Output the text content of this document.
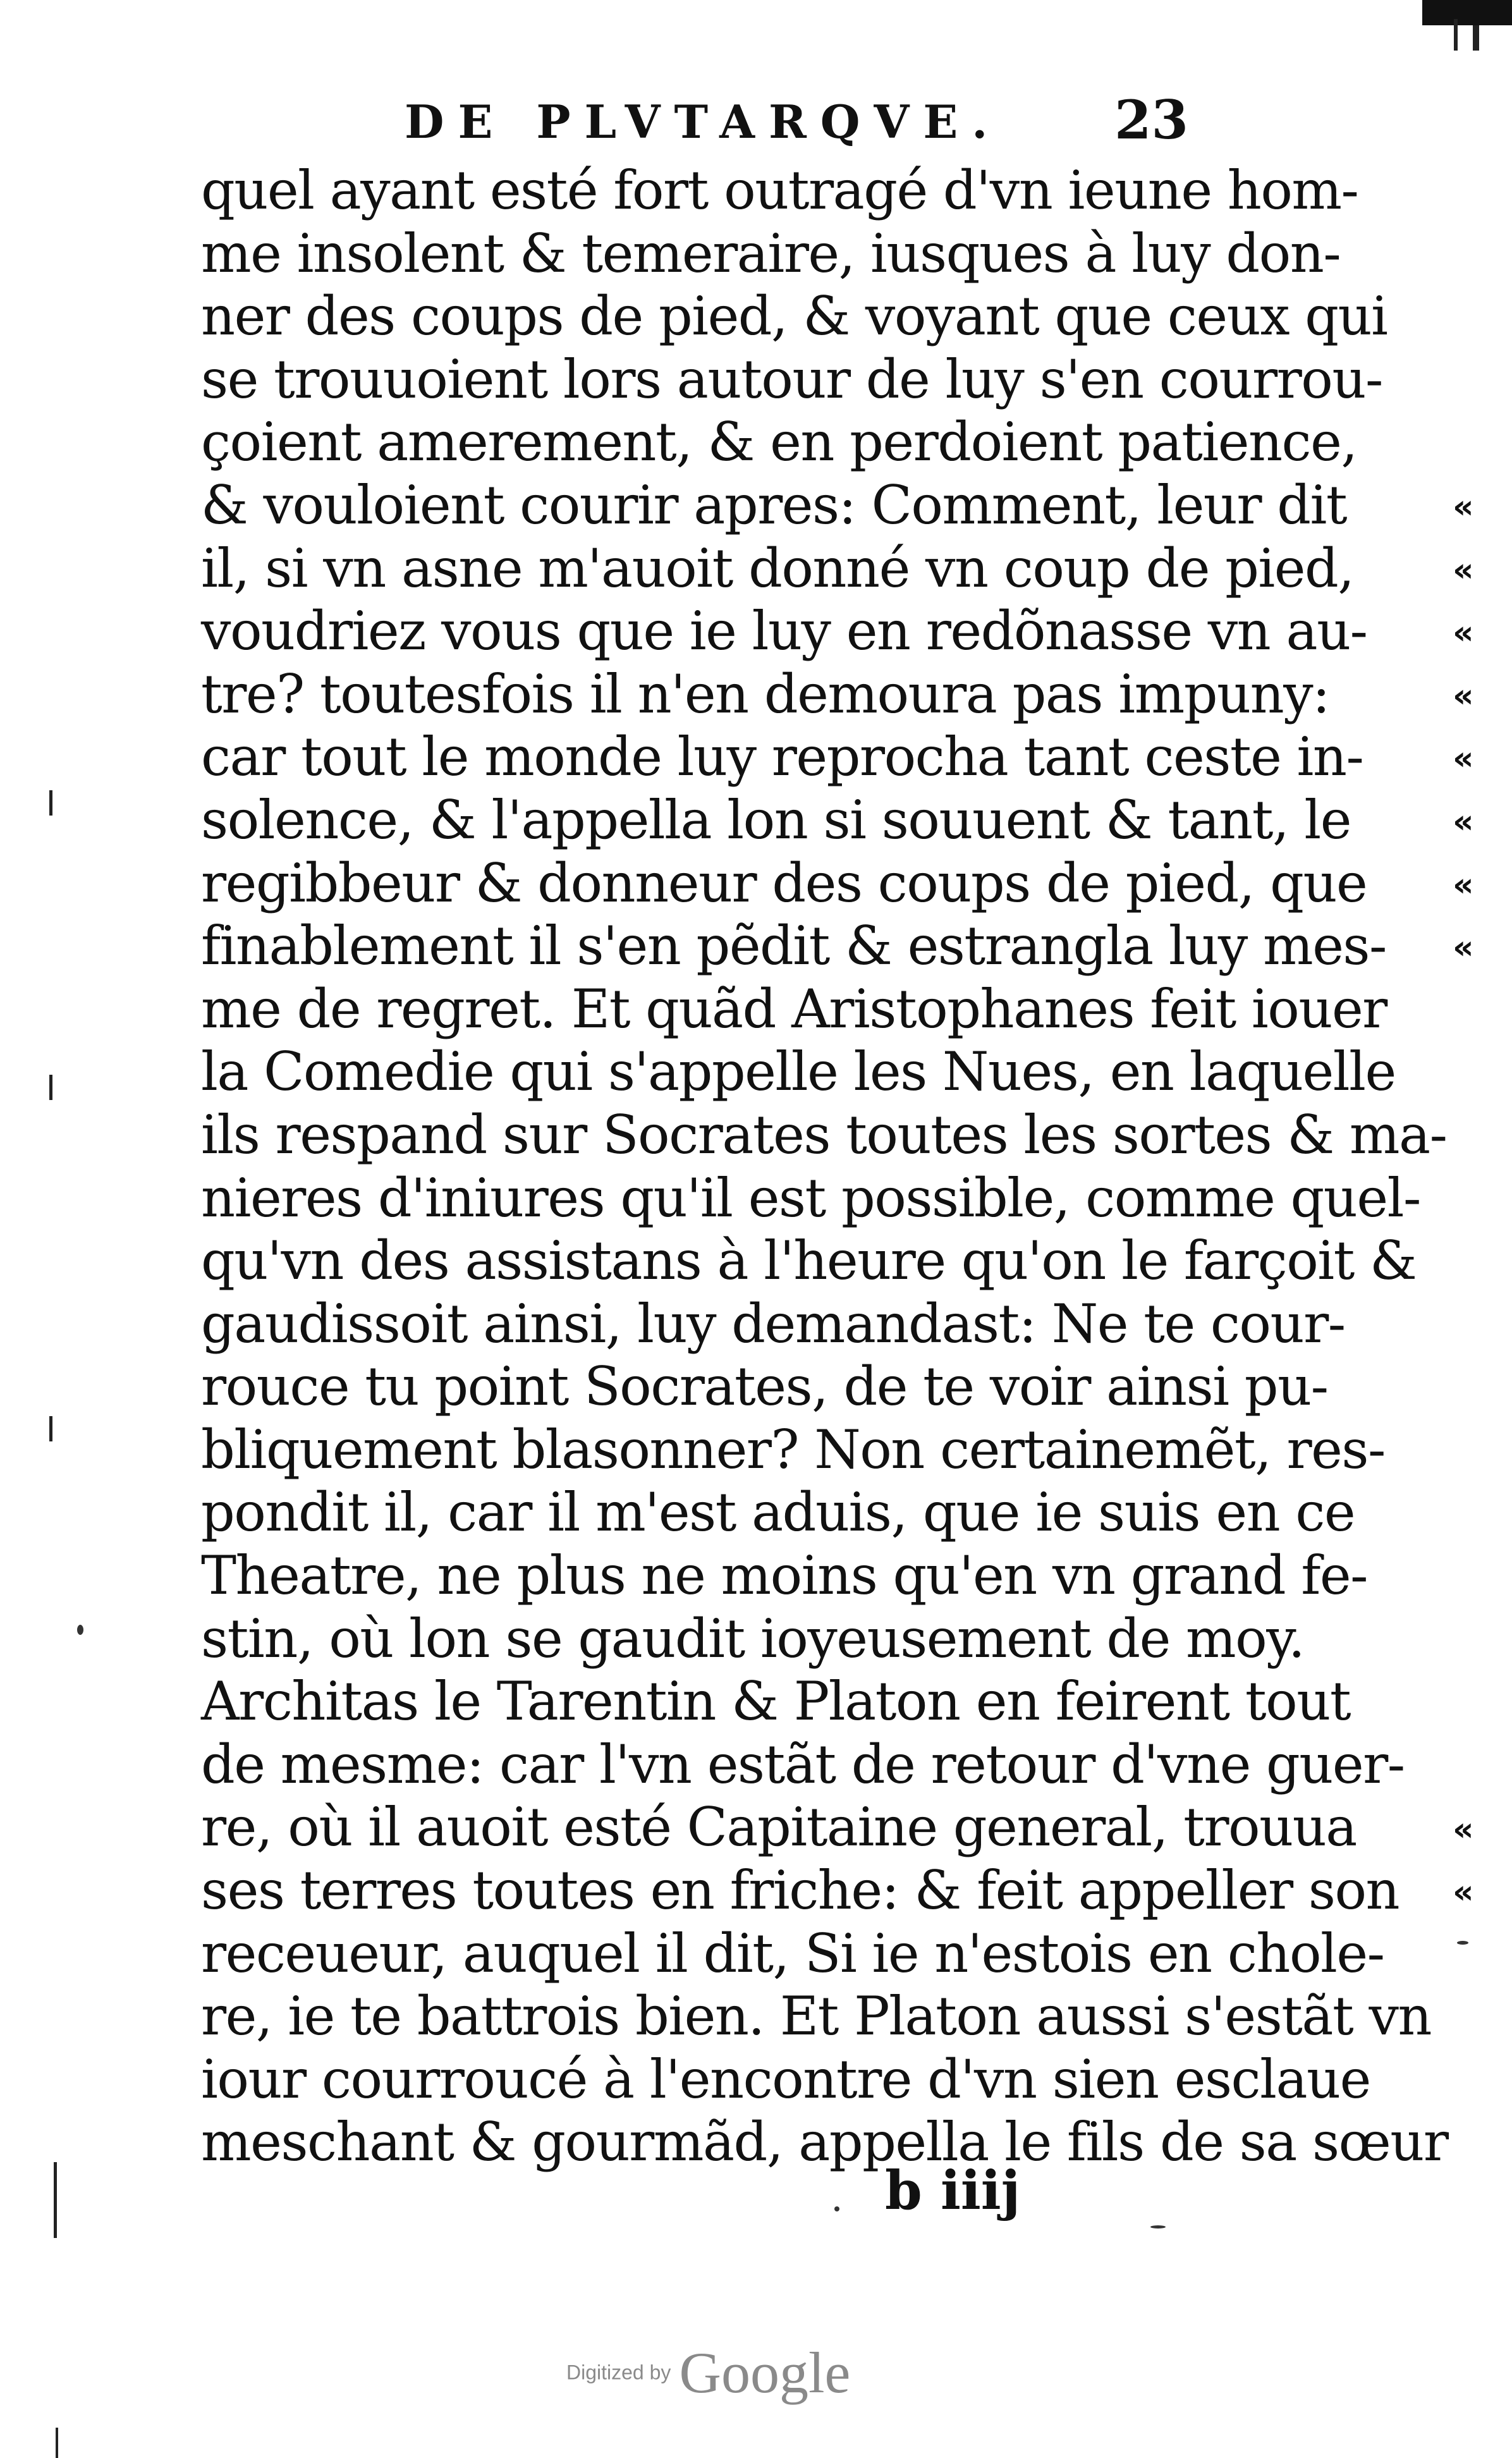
DE PLVTARQVE. 23
quel ayant esté fort outragé d'vn ieune hom-
me insolent & temeraire, iusques à luy don-
ner des coups de pied, & voyant que ceux qui
se trouuoient lors autour de luy s'en courrou-
çoient amerement, & en perdoient patience,
& vouloient courir apres: Comment, leur dit
il, si vn asne m'auoit donné vn coup de pied,
voudriez vous que ie luy en redõnasse vn au-
tre? toutesfois il n'en demoura pas impuny:
car tout le monde luy reprocha tant ceste in-
solence, & l'appella lon si souuent & tant, le
regibbeur & donneur des coups de pied, que
finablement il s'en pẽdit & estrangla luy mes-
me de regret. Et quãd Aristophanes feit iouer
la Comedie qui s'appelle les Nues, en laquelle
ils respand sur Socrates toutes les sortes & ma-
nieres d'iniures qu'il est possible, comme quel-
qu'vn des assistans à l'heure qu'on le farçoit &
gaudissoit ainsi, luy demandast: Ne te cour-
rouce tu point Socrates, de te voir ainsi pu-
bliquement blasonner? Non certainemẽt, res-
pondit il, car il m'est aduis, que ie suis en ce
Theatre, ne plus ne moins qu'en vn grand fe-
stin, où lon se gaudit ioyeusement de moy.
Architas le Tarentin & Platon en feirent tout
de mesme: car l'vn estãt de retour d'vne guer-
re, où il auoit esté Capitaine general, trouua
ses terres toutes en friche: & feit appeller son
receueur, auquel il dit, Si ie n'estois en chole-
re, ie te battrois bien. Et Platon aussi s'estãt vn
iour courroucé à l'encontre d'vn sien esclaue
meschant & gourmãd, appella le fils de sa sœur
«
«
«
«
«
«
«
«
«
«
b iiij
Digitized by Google
